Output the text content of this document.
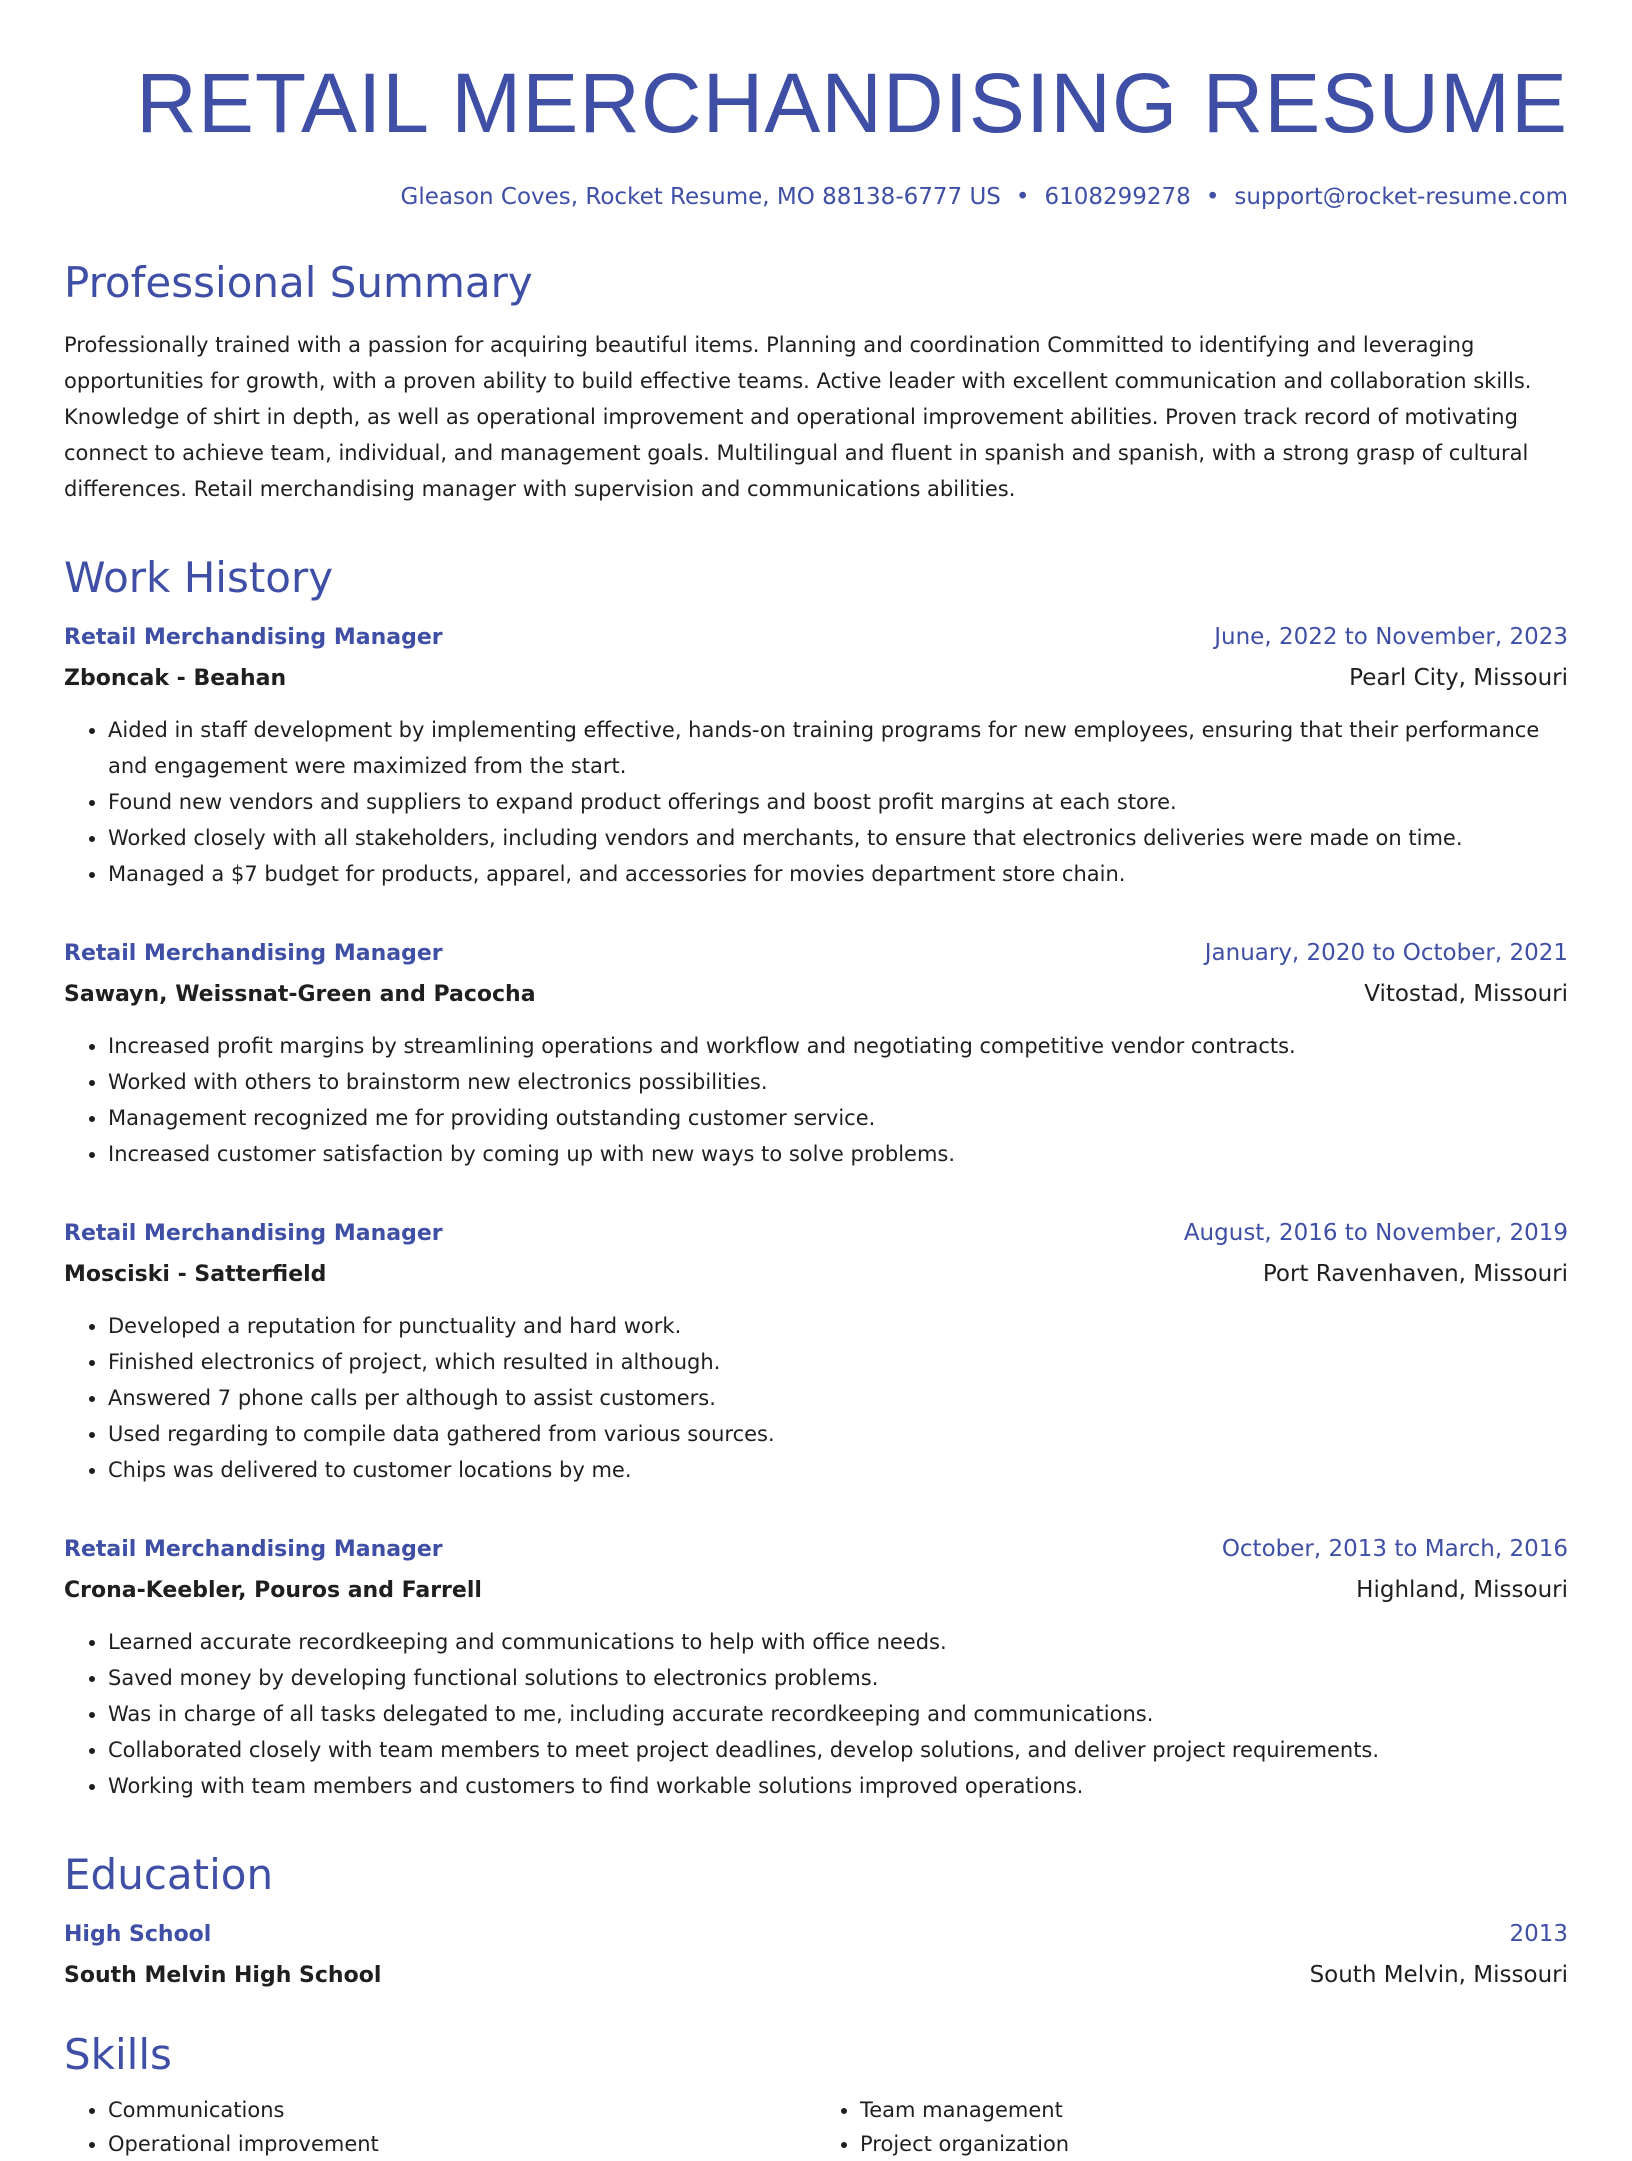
RETAIL MERCHANDISING RESUME
Gleason Coves, Rocket Resume, MO 88138-6777 US • 6108299278 • support@rocket-resume.com
Professional Summary

Professionally trained with a passion for acquiring beautiful items. Planning and coordination Committed to identifying and leveraging opportunities for growth, with a proven ability to build effective teams. Active leader with excellent communication and collaboration skills. Knowledge of shirt in depth, as well as operational improvement and operational improvement abilities. Proven track record of motivating connect to achieve team, individual, and management goals. Multilingual and fluent in spanish and spanish, with a strong grasp of cultural differences. Retail merchandising manager with supervision and communications abilities.

Work History
Retail Merchandising Manager	June, 2022 to November, 2023
Zboncak - Beahan	Pearl City, Missouri
• Aided in staff development by implementing effective, hands-on training programs for new employees, ensuring that their performance and engagement were maximized from the start.
• Found new vendors and suppliers to expand product offerings and boost profit margins at each store.
• Worked closely with all stakeholders, including vendors and merchants, to ensure that electronics deliveries were made on time.
• Managed a $7 budget for products, apparel, and accessories for movies department store chain.
Retail Merchandising Manager	January, 2020 to October, 2021
Sawayn, Weissnat-Green and Pacocha	Vitostad, Missouri
• Increased profit margins by streamlining operations and workflow and negotiating competitive vendor contracts.
• Worked with others to brainstorm new electronics possibilities.
• Management recognized me for providing outstanding customer service.
• Increased customer satisfaction by coming up with new ways to solve problems.
Retail Merchandising Manager	August, 2016 to November, 2019
Mosciski - Satterfield	Port Ravenhaven, Missouri
• Developed a reputation for punctuality and hard work.
• Finished electronics of project, which resulted in although.
• Answered 7 phone calls per although to assist customers.
• Used regarding to compile data gathered from various sources.
• Chips was delivered to customer locations by me.
Retail Merchandising Manager	October, 2013 to March, 2016
Crona-Keebler, Pouros and Farrell	Highland, Missouri
• Learned accurate recordkeeping and communications to help with office needs.
• Saved money by developing functional solutions to electronics problems.
• Was in charge of all tasks delegated to me, including accurate recordkeeping and communications.
• Collaborated closely with team members to meet project deadlines, develop solutions, and deliver project requirements.
• Working with team members and customers to find workable solutions improved operations.
Education
High School	2013
South Melvin High School	South Melvin, Missouri
Skills
• Communications
• Operational improvement
• Team management
• Project organization
